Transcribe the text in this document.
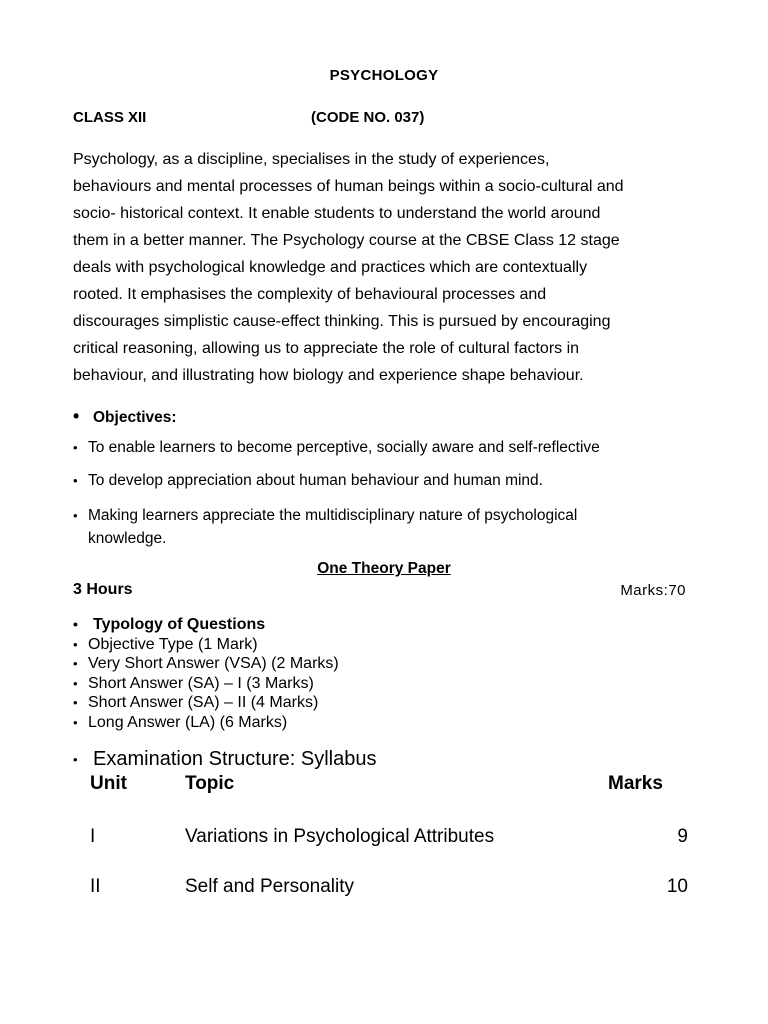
PSYCHOLOGY
CLASS XII	(CODE NO. 037)
Psychology, as a discipline, specialises in the study of experiences,
behaviours and mental processes of human beings within a socio-cultural and
socio- historical context. It enable students to understand the world around
them in a better manner. The Psychology course at the CBSE Class 12 stage
deals with psychological knowledge and practices which are contextually
rooted. It emphasises the complexity of behavioural processes and
discourages simplistic cause-effect thinking. This is pursued by encouraging
critical reasoning, allowing us to appreciate the role of cultural factors in
behaviour, and illustrating how biology and experience shape behaviour.
• Objectives:
• To enable learners to become perceptive, socially aware and self-reflective
• To develop appreciation about human behaviour and human mind.
• Making learners appreciate the multidisciplinary nature of psychological
knowledge.
One Theory Paper
3 Hours	Marks:70
• Typology of Questions
• Objective Type (1 Mark)
• Very Short Answer (VSA) (2 Marks)
• Short Answer (SA) – I (3 Marks)
• Short Answer (SA) – II (4 Marks)
• Long Answer (LA) (6 Marks)
• Examination Structure: Syllabus
Unit	Topic	Marks
I	Variations in Psychological Attributes	9
II	Self and Personality	10
